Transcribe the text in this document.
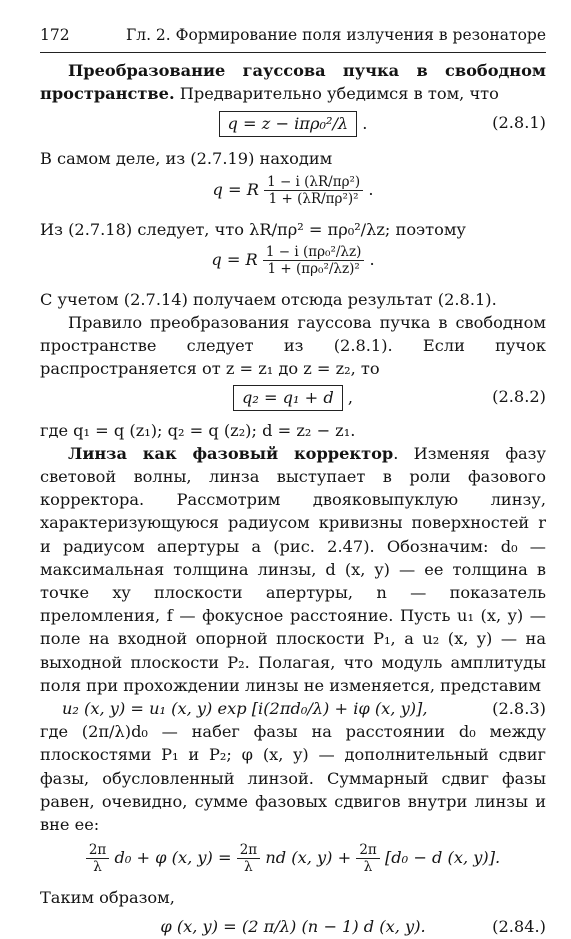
172	Гл. 2. Формирование поля излучения в резонаторе

Преобразование гауссова пучка в свободном пространстве. Предварительно убедимся в том, что

q = z − iπρ₀²/λ .	(2.8.1)

В самом деле, из (2.7.19) находим

q = R $\frac{\text{1 − i (λR/πρ²)}}{\text{1 + (λR/πρ²)²}}$ .

Из (2.7.18) следует, что λR/πρ² = πρ₀²/λz; поэтому

q = R $\frac{\text{1 − i (πρ₀²/λz)}}{\text{1 + (πρ₀²/λz)²}}$ .

С учетом (2.7.14) получаем отсюда результат (2.8.1).

Правило преобразования гауссова пучка в свободном пространстве следует из (2.8.1). Если пучок распространяется от z = z₁ до z = z₂, то

q₂ = q₁ + d ,	(2.8.2)

где q₁ = q (z₁); q₂ = q (z₂); d = z₂ − z₁.

Линза как фазовый корректор. Изменяя фазу световой волны, линза выступает в роли фазового корректора. Рассмотрим двояковыпуклую линзу, характеризующуюся радиусом кривизны поверхностей r и радиусом апертуры a (рис. 2.47). Обозначим: d₀ — максимальная толщина линзы, d (x, y) — ее толщина в точке xy плоскости апертуры, n — показатель преломления, f — фокусное расстояние. Пусть u₁ (x, y) — поле на входной опорной плоскости P₁, а u₂ (x, y) — на выходной плоскости P₂. Полагая, что модуль амплитуды поля при прохождении линзы не изменяется, представим

u₂ (x, y) = u₁ (x, y) exp [i(2πd₀/λ) + iφ (x, y)],	(2.8.3)

где (2π/λ)d₀ — набег фазы на расстоянии d₀ между плоскостями P₁ и P₂; φ (x, y) — дополнительный сдвиг фазы, обусловленный линзой. Суммарный сдвиг фазы равен, очевидно, сумме фазовых сдвигов внутри линзы и вне ее:

$\frac{2\pi}{\lambda} d_0 + \varphi$ (x, $y) = \frac{2\pi}{\lambda}$ nd (x, $y) + \frac{2\pi}{\lambda} [d_0 - d$ (x, y)].

Таким образом,

φ (x, y) = (2 π/λ) (n − 1) d (x, y).	(2.84.)
